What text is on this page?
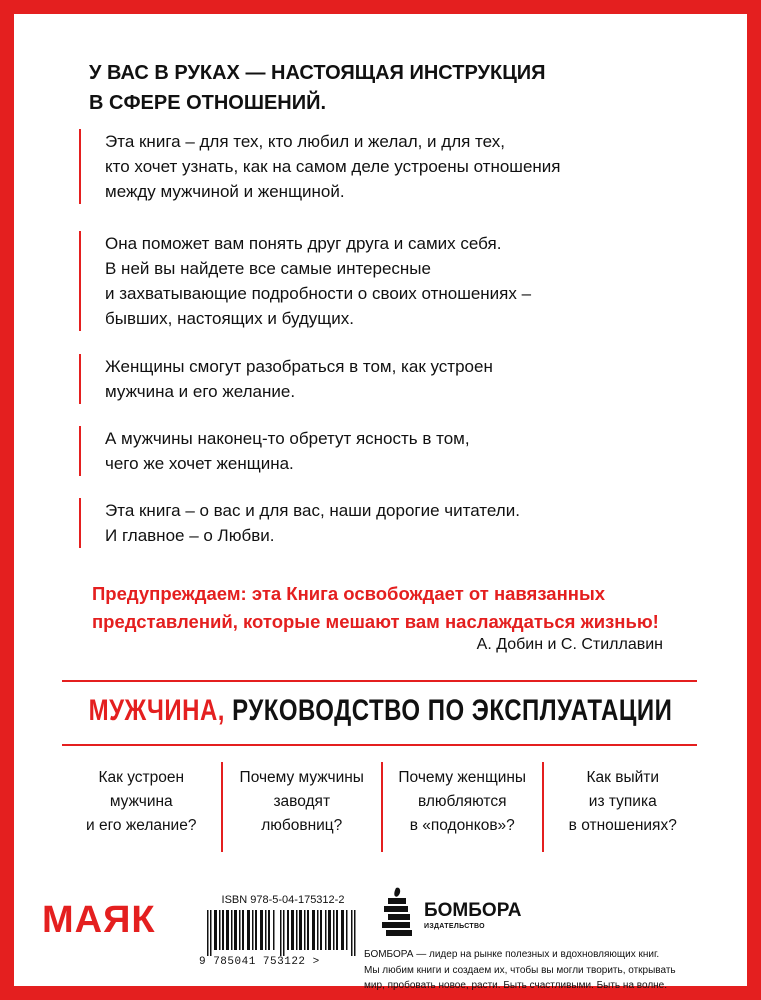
У ВАС В РУКАХ — НАСТОЯЩАЯ ИНСТРУКЦИЯ
В СФЕРЕ ОТНОШЕНИЙ.
Эта книга – для тех, кто любил и желал, и для тех,
кто хочет узнать, как на самом деле устроены отношения
между мужчиной и женщиной.
Она поможет вам понять друг друга и самих себя.
В ней вы найдете все самые интересные
и захватывающие подробности о своих отношениях –
бывших, настоящих и будущих.
Женщины смогут разобраться в том, как устроен
мужчина и его желание.
А мужчины наконец-то обретут ясность в том,
чего же хочет женщина.
Эта книга – о вас и для вас, наши дорогие читатели.
И главное – о Любви.
Предупреждаем: эта Книга освобождает от навязанных
представлений, которые мешают вам наслаждаться жизнью!
А. Добин и С. Стиллавин
МУЖЧИНА, РУКОВОДСТВО ПО ЭКСПЛУАТАЦИИ
Как устроен
мужчина
и его желание?
Почему мужчины
заводят
любовниц?
Почему женщины
влюбляются
в «подонков»?
Как выйти
из тупика
в отношениях?
МАЯК	ISBN 978-5-04-175312-2
9 785041 753122 >
БОМБОРА
ИЗДАТЕЛЬСТВО
БОМБОРА — лидер на рынке полезных и вдохновляющих книг.
Мы любим книги и создаем их, чтобы вы могли творить, открывать
мир, пробовать новое, расти. Быть счастливыми. Быть на волне.
